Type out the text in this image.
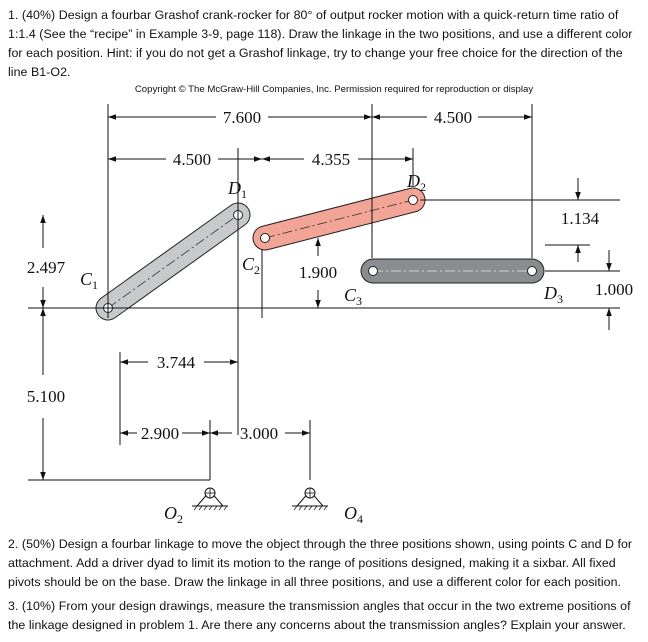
1. (40%) Design a fourbar Grashof crank-rocker for 80° of output rocker motion with a quick-return time ratio of 1:1.4 (See the “recipe” in Example 3-9, page 118). Draw the linkage in the two positions, and use a different color for each position. Hint: if you do not get a Grashof linkage, try to change your free choice for the direction of the line B1-O2.
Copyright © The McGraw-Hill Companies, Inc. Permission required for reproduction or display
7.600	4.500
4.500	4.355
1.134
2.497	1.900
1.000
3.744
5.100
2.900	3.000
$C_1$
$D_1$
$C_2$
$D_2$
$C_3$	$D_3$
$O_2$	$O_4$
2. (50%) Design a fourbar linkage to move the object through the three positions shown, using points C and D for attachment. Add a driver dyad to limit its motion to the range of positions designed, making it a sixbar. All fixed pivots should be on the base. Draw the linkage in all three positions, and use a different color for each position.
3. (10%) From your design drawings, measure the transmission angles that occur in the two extreme positions of the linkage designed in problem 1. Are there any concerns about the transmission angles? Explain your answer.
